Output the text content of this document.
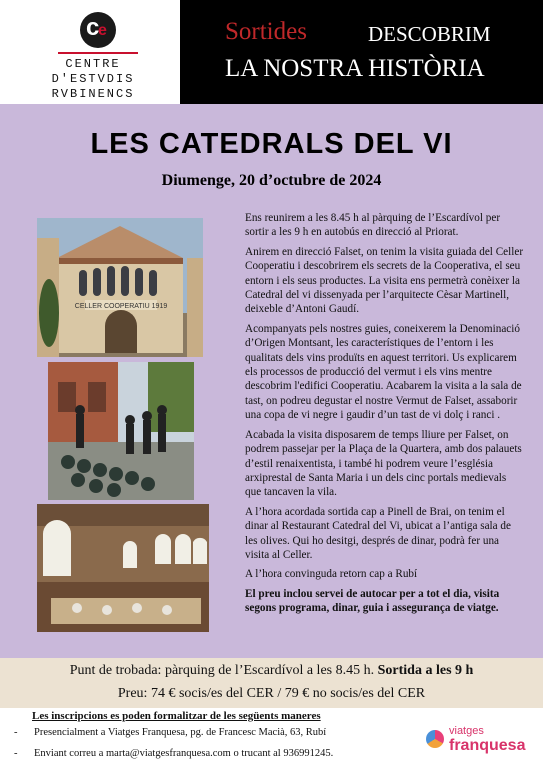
c
e
CENTRE
D'ESTVDIS
RVBINENCS
Sortides	DESCOBRIM
LA NOSTRA HISTÒRIA
LES CATEDRALS DEL VI
Diumenge, 20 d’octubre de 2024
CELLER COOPERATIU 1919

Ens reunirem a les 8.45 h al pàrquing de l’Escardívol per sortir a les 9 h en autobús en direcció al Priorat.

Anirem en direcció Falset, on tenim la visita guiada del Celler Cooperatiu i descobrirem els secrets de la Cooperativa, el seu entorn i els seus productes. La visita ens permetrà conèixer la Catedral del vi dissenyada per l’arquitecte Cèsar Martinell, deixeble d’Antoni Gaudí.

Acompanyats pels nostres guies, coneixerem la Denominació d’Origen Montsant, les característiques de l’entorn i les qualitats dels vins produïts en aquest territori. Us explicarem els processos de producció del vermut i els vins mentre descobrim l'edifici Cooperatiu. Acabarem la visita a la sala de tast, on podreu degustar el nostre Vermut de Falset, assaborir una copa de vi negre i gaudir d’un tast de vi dolç i ranci .

Acabada la visita disposarem de temps lliure per Falset, on podrem passejar per la Plaça de la Quartera, amb dos palauets d’estil renaixentista, i també hi podrem veure l’església arxiprestal de Santa Maria i un dels cinc portals medievals que tancaven la vila.

A l’hora acordada sortida cap a Pinell de Brai, on tenim el dinar al Restaurant Catedral del Vi, ubicat a l’antiga sala de les olives. Qui ho desitgi, després de dinar, podrà fer una visita al Celler.

A l’hora convinguda retorn cap a Rubí

El preu inclou servei de autocar per a tot el dia, visita segons programa, dinar, guia i assegurança de viatge.

Punt de trobada: pàrquing de l’Escardívol a les 8.45 h. Sortida a les 9 h
Preu: 74 € socis/es del CER / 79 € no socis/es del CER
Les inscripcions es poden formalitzar de les següents maneres
- Presencialment a Viatges Franquesa, pg. de Francesc Macià, 63, Rubí
- Enviant correu a marta@viatgesfranquesa.com o trucant al 936991245.
viatges
franquesa
